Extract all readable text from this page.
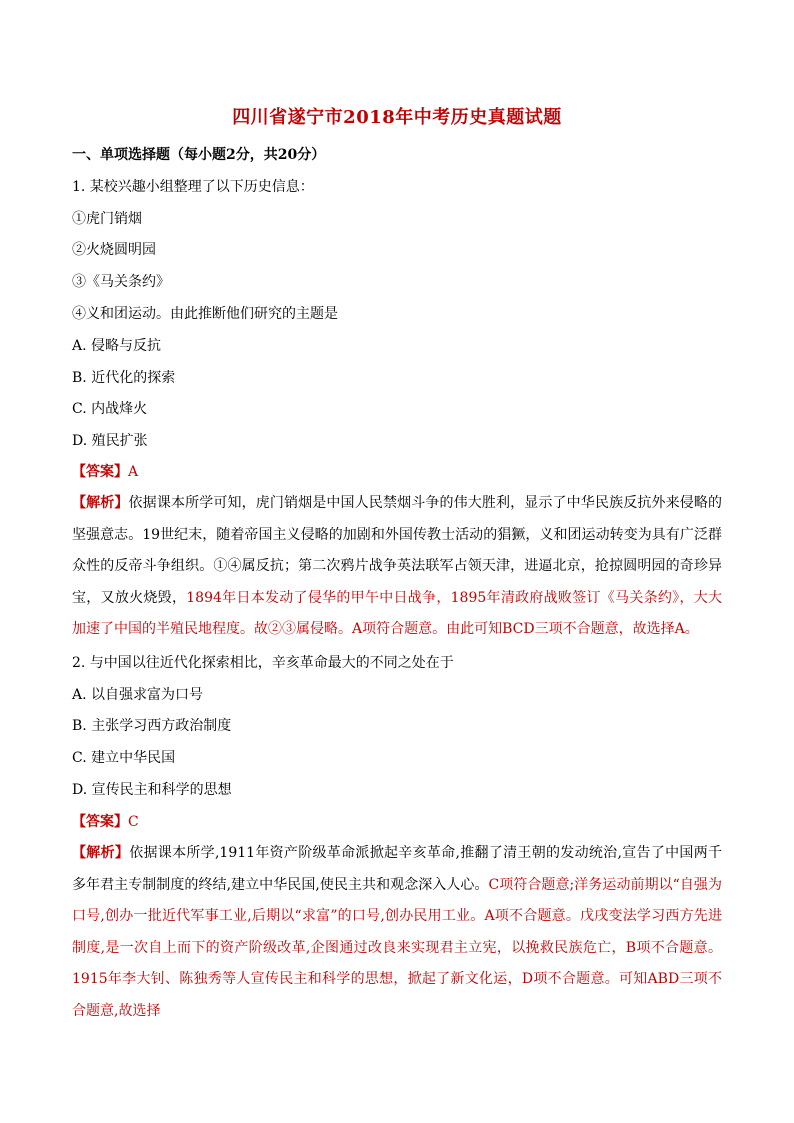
四川省遂宁市2018年中考历史真题试题
一、单项选择题（每小题2分，共20分）
1. 某校兴趣小组整理了以下历史信息：
①虎门销烟
②火烧圆明园
③《马关条约》
④义和团运动。由此推断他们研究的主题是
A. 侵略与反抗
B. 近代化的探索
C. 内战烽火
D. 殖民扩张
【答案】A
【解析】依据课本所学可知，虎门销烟是中国人民禁烟斗争的伟大胜利，显示了中华民族反抗外来侵略的坚强意志。19世纪末，随着帝国主义侵略的加剧和外国传教士活动的猖獗，义和团运动转变为具有广泛群众性的反帝斗争组织。①④属反抗；第二次鸦片战争英法联军占领天津，进逼北京，抢掠圆明园的奇珍异宝，又放火烧毁，1894年日本发动了侵华的甲午中日战争，1895年清政府战败签订《马关条约》，大大加速了中国的半殖民地程度。故②③属侵略。A项符合题意。由此可知BCD三项不合题意，故选择A。
2. 与中国以往近代化探索相比，辛亥革命最大的不同之处在于
A. 以自强求富为口号
B. 主张学习西方政治制度
C. 建立中华民国
D. 宣传民主和科学的思想
【答案】C
【解析】依据课本所学,1911年资产阶级革命派掀起辛亥革命,推翻了清王朝的发动统治,宣告了中国两千多年君主专制制度的终结,建立中华民国,使民主共和观念深入人心。C项符合题意;洋务运动前期以“自强为口号,创办一批近代军事工业,后期以“求富”的口号,创办民用工业。A项不合题意。戊戌变法学习西方先进制度,是一次自上而下的资产阶级改革,企图通过改良来实现君主立宪，以挽救民族危亡，B项不合题意。1915年李大钊、陈独秀等人宣传民主和科学的思想，掀起了新文化运，D项不合题意。可知ABD三项不合题意,故选择
